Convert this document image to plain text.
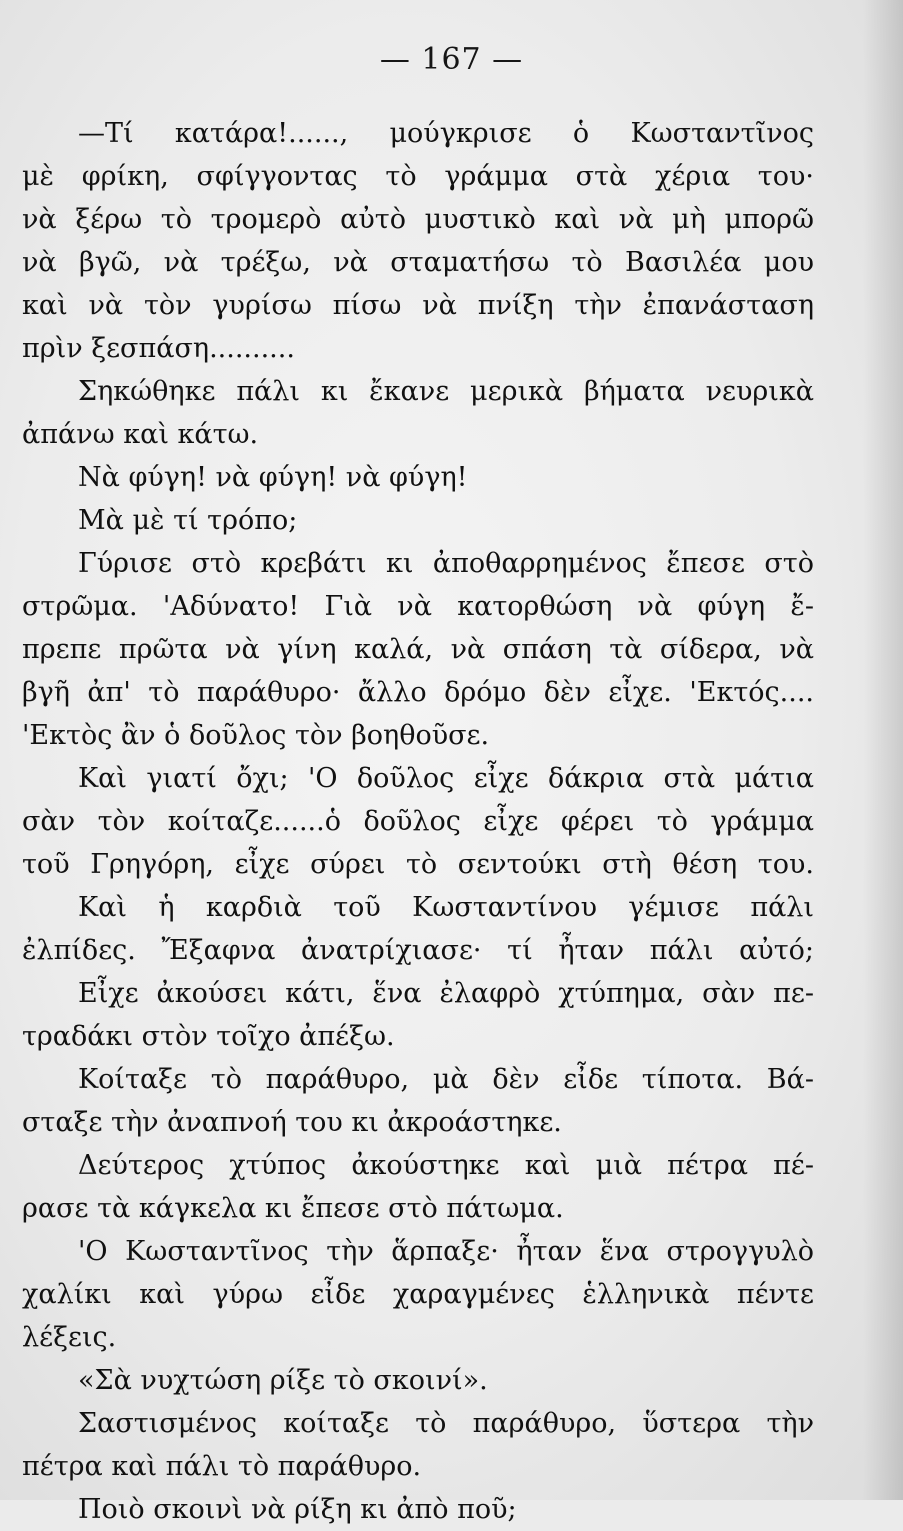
— 167 —
—Τί κατάρα!......, μούγκρισε ὁ Κωσταντῖνος
μὲ φρίκη, σφίγγοντας τὸ γράμμα στὰ χέρια του·
νὰ ξέρω τὸ τρομερὸ αὐτὸ μυστικὸ καὶ νὰ μὴ μπορῶ
νὰ βγῶ, νὰ τρέξω, νὰ σταματήσω τὸ Βασιλέα μου
καὶ νὰ τὸν γυρίσω πίσω νὰ πνίξη τὴν ἐπανάσταση
πρὶν ξεσπάση..........
Σηκώθηκε πάλι κι ἔκανε μερικὰ βήματα νευρικὰ
ἀπάνω καὶ κάτω.
Νὰ φύγη! νὰ φύγη! νὰ φύγη!
Μὰ μὲ τί τρόπο;
Γύρισε στὸ κρεβάτι κι ἀποθαρρημένος ἔπεσε στὸ
στρῶμα. 'Αδύνατο! Γιὰ νὰ κατορθώση νὰ φύγη ἔ-
πρεπε πρῶτα νὰ γίνη καλά, νὰ σπάση τὰ σίδερα, νὰ
βγῆ ἀπ' τὸ παράθυρο· ἄλλο δρόμο δὲν εἶχε. 'Εκτός....
'Εκτὸς ἂν ὁ δοῦλος τὸν βοηθοῦσε.
Καὶ γιατί ὄχι; 'Ο δοῦλος εἶχε δάκρια στὰ μάτια
σὰν τὸν κοίταζε......ὁ δοῦλος εἶχε φέρει τὸ γράμμα
τοῦ Γρηγόρη, εἶχε σύρει τὸ σεντούκι στὴ θέση του.
Καὶ ἡ καρδιὰ τοῦ Κωσταντίνου γέμισε πάλι
ἐλπίδες. Ἔξαφνα ἀνατρίχιασε· τί ἦταν πάλι αὐτό;
Εἶχε ἀκούσει κάτι, ἕνα ἐλαφρὸ χτύπημα, σὰν πε-
τραδάκι στὸν τοῖχο ἀπέξω.
Κοίταξε τὸ παράθυρο, μὰ δὲν εἶδε τίποτα. Βά-
σταξε τὴν ἀναπνοή του κι ἀκροάστηκε.
Δεύτερος χτύπος ἀκούστηκε καὶ μιὰ πέτρα πέ-
ρασε τὰ κάγκελα κι ἔπεσε στὸ πάτωμα.
'Ο Κωσταντῖνος τὴν ἅρπαξε· ἦταν ἕνα στρογγυλὸ
χαλίκι καὶ γύρω εἶδε χαραγμένες ἑλληνικὰ πέντε
λέξεις.
«Σὰ νυχτώση ρίξε τὸ σκοινί».
Σαστισμένος κοίταξε τὸ παράθυρο, ὕστερα τὴν
πέτρα καὶ πάλι τὸ παράθυρο.
Ποιὸ σκοινὶ νὰ ρίξη κι ἀπὸ ποῦ;
